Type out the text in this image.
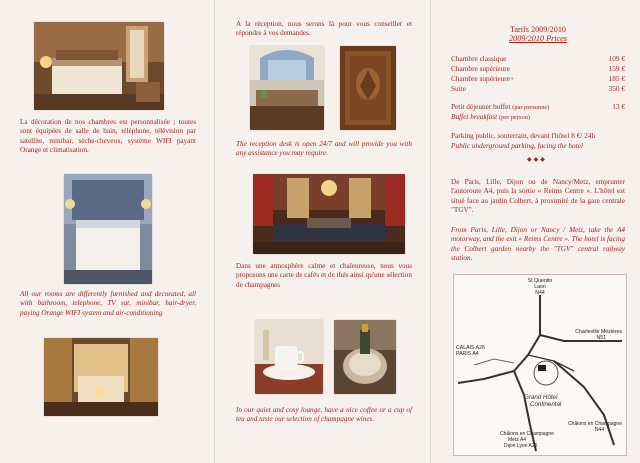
La décoration de nos chambres est personnalisée ; toutes sont équipées de salle de bain, téléphone, télévision par satellite, minibar, sèche-cheveux, système WIFI payant Orange et climatisation.
All our rooms are differently furnished and decorated, all with bathroom, telephone, TV sat, minibar, hair-dryer, paying Orange WIFI system and air-conditioning
A la réception, nous serons là pour vous conseiller et répondre à vos demandes.
The reception desk is open 24/7 and will provide you with any assistance you may require.
Dans une atmosphère calme et chaleureuse, nous vous proposons une carte de cafés et de thés ainsi qu'une sélection de champagnes
In our quiet and cosy lounge, have a nice coffee or a cup of tea and taste our selection of champagne wines.
Tarifs 2009/2010
2009/2010 Prices
Chambre classique	109 €
Chambre supérieure	159 €
Chambre supérieure+	185 €
Suite	350 €
Petit déjeuner buffet (par personne)	13 €
Buffet breakfast (per person)
Parking public, souterrain, devant l'hôtel 8 €/ 24h
Public underground parking, facing the hotel
◆◆◆
De Paris, Lille, Dijon ou de Nancy/Metz, emprunter l'autoroute A4, puis la sortie « Reims Centre ». L'hôtel est situé face au jardin Colbert, à proximité de la gare centrale "TGV".
From Paris, Lille, Dijon or Nancy / Metz, take the A4 motorway, and the exit « Reims Centre ». The hotel is facing the Colbert garden nearby the "TGV" central railway station.
St Quentin
Laon
N44
Charleville Mézières
N51
CALAIS A26
PARIS A4
Châlons en Champagne
Metz A4
Dijon Lyon A26
Châlons en Champagne
N44
Grand Hôtel
Continental
